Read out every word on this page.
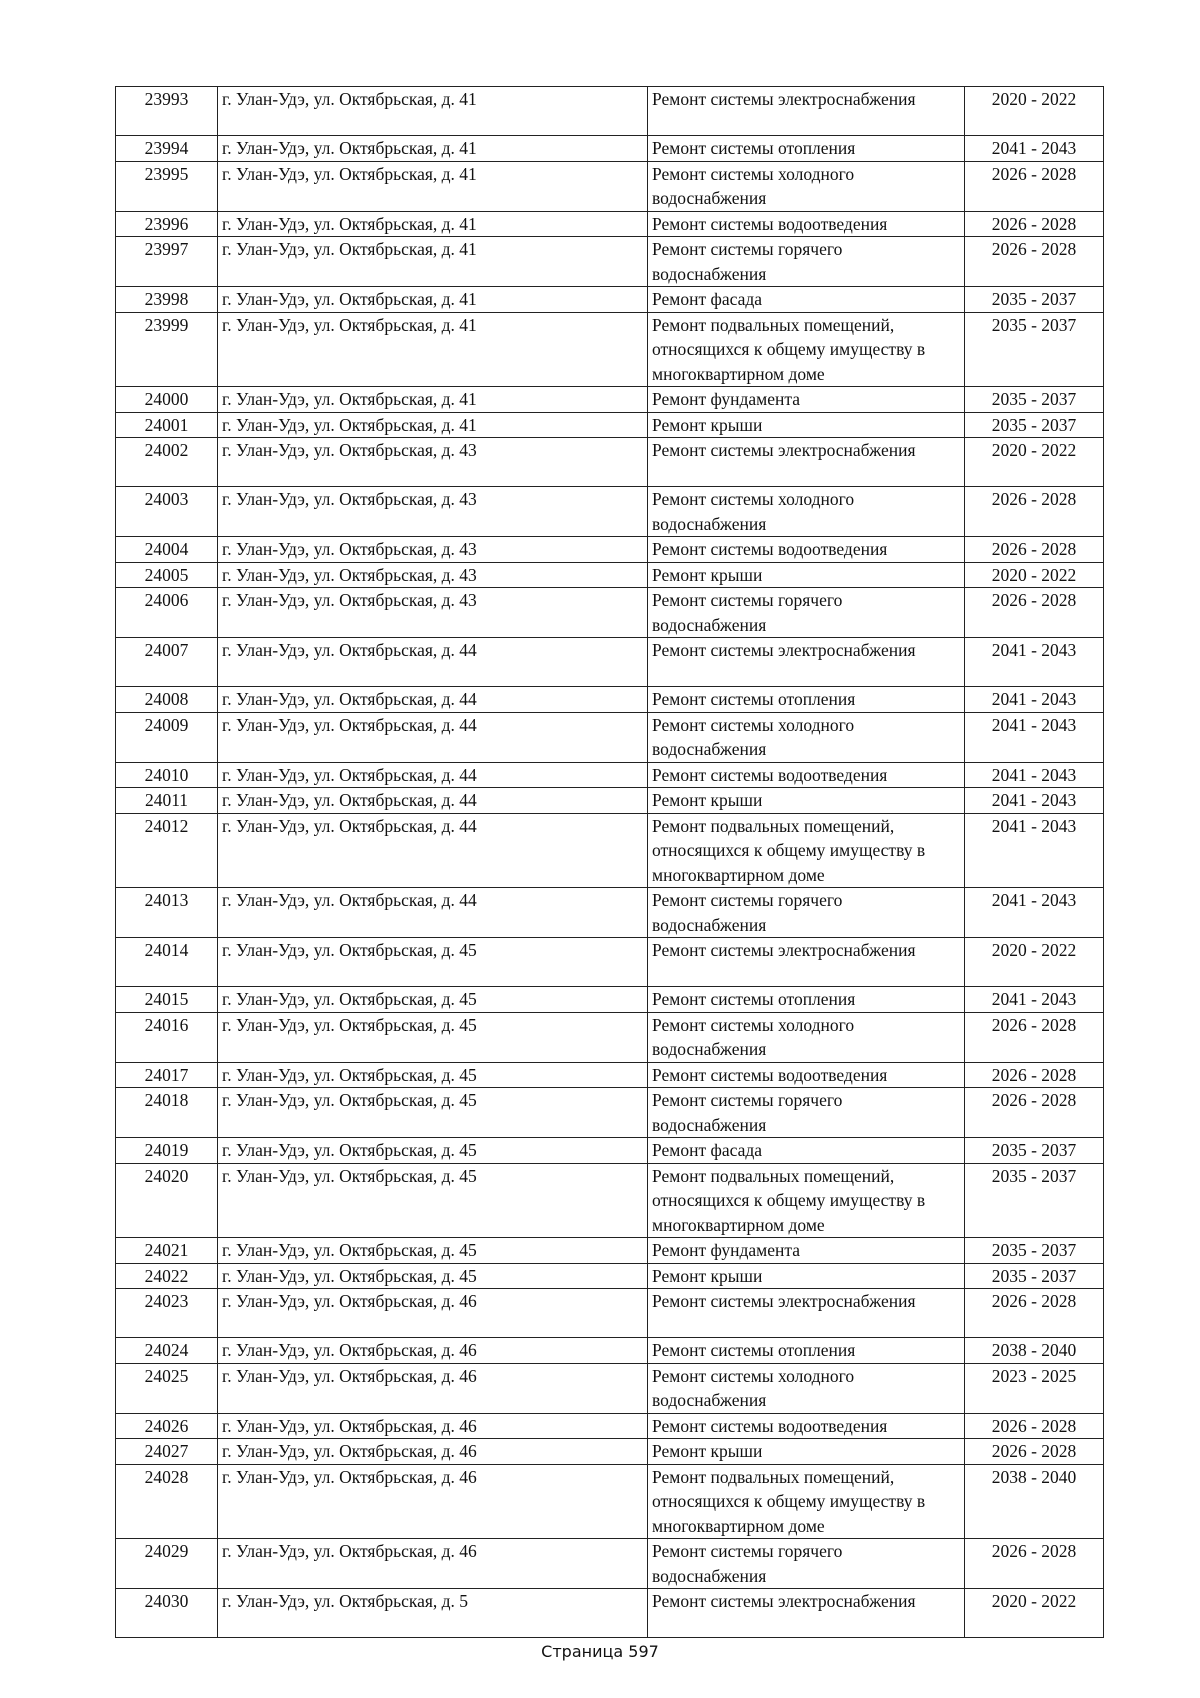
23993	г. Улан-Удэ, ул. Октябрьская, д. 41	Ремонт системы электроснабжения	2020 - 2022
23994	г. Улан-Удэ, ул. Октябрьская, д. 41	Ремонт системы отопления	2041 - 2043
23995	г. Улан-Удэ, ул. Октябрьская, д. 41	Ремонт системы холодного водоснабжения	2026 - 2028
23996	г. Улан-Удэ, ул. Октябрьская, д. 41	Ремонт системы водоотведения	2026 - 2028
23997	г. Улан-Удэ, ул. Октябрьская, д. 41	Ремонт системы горячего водоснабжения	2026 - 2028
23998	г. Улан-Удэ, ул. Октябрьская, д. 41	Ремонт фасада	2035 - 2037
23999	г. Улан-Удэ, ул. Октябрьская, д. 41	Ремонт подвальных помещений, относящихся к общему имуществу в многоквартирном доме	2035 - 2037
24000	г. Улан-Удэ, ул. Октябрьская, д. 41	Ремонт фундамента	2035 - 2037
24001	г. Улан-Удэ, ул. Октябрьская, д. 41	Ремонт крыши	2035 - 2037
24002	г. Улан-Удэ, ул. Октябрьская, д. 43	Ремонт системы электроснабжения	2020 - 2022
24003	г. Улан-Удэ, ул. Октябрьская, д. 43	Ремонт системы холодного водоснабжения	2026 - 2028
24004	г. Улан-Удэ, ул. Октябрьская, д. 43	Ремонт системы водоотведения	2026 - 2028
24005	г. Улан-Удэ, ул. Октябрьская, д. 43	Ремонт крыши	2020 - 2022
24006	г. Улан-Удэ, ул. Октябрьская, д. 43	Ремонт системы горячего водоснабжения	2026 - 2028
24007	г. Улан-Удэ, ул. Октябрьская, д. 44	Ремонт системы электроснабжения	2041 - 2043
24008	г. Улан-Удэ, ул. Октябрьская, д. 44	Ремонт системы отопления	2041 - 2043
24009	г. Улан-Удэ, ул. Октябрьская, д. 44	Ремонт системы холодного водоснабжения	2041 - 2043
24010	г. Улан-Удэ, ул. Октябрьская, д. 44	Ремонт системы водоотведения	2041 - 2043
24011	г. Улан-Удэ, ул. Октябрьская, д. 44	Ремонт крыши	2041 - 2043
24012	г. Улан-Удэ, ул. Октябрьская, д. 44	Ремонт подвальных помещений, относящихся к общему имуществу в многоквартирном доме	2041 - 2043
24013	г. Улан-Удэ, ул. Октябрьская, д. 44	Ремонт системы горячего водоснабжения	2041 - 2043
24014	г. Улан-Удэ, ул. Октябрьская, д. 45	Ремонт системы электроснабжения	2020 - 2022
24015	г. Улан-Удэ, ул. Октябрьская, д. 45	Ремонт системы отопления	2041 - 2043
24016	г. Улан-Удэ, ул. Октябрьская, д. 45	Ремонт системы холодного водоснабжения	2026 - 2028
24017	г. Улан-Удэ, ул. Октябрьская, д. 45	Ремонт системы водоотведения	2026 - 2028
24018	г. Улан-Удэ, ул. Октябрьская, д. 45	Ремонт системы горячего водоснабжения	2026 - 2028
24019	г. Улан-Удэ, ул. Октябрьская, д. 45	Ремонт фасада	2035 - 2037
24020	г. Улан-Удэ, ул. Октябрьская, д. 45	Ремонт подвальных помещений, относящихся к общему имуществу в многоквартирном доме	2035 - 2037
24021	г. Улан-Удэ, ул. Октябрьская, д. 45	Ремонт фундамента	2035 - 2037
24022	г. Улан-Удэ, ул. Октябрьская, д. 45	Ремонт крыши	2035 - 2037
24023	г. Улан-Удэ, ул. Октябрьская, д. 46	Ремонт системы электроснабжения	2026 - 2028
24024	г. Улан-Удэ, ул. Октябрьская, д. 46	Ремонт системы отопления	2038 - 2040
24025	г. Улан-Удэ, ул. Октябрьская, д. 46	Ремонт системы холодного водоснабжения	2023 - 2025
24026	г. Улан-Удэ, ул. Октябрьская, д. 46	Ремонт системы водоотведения	2026 - 2028
24027	г. Улан-Удэ, ул. Октябрьская, д. 46	Ремонт крыши	2026 - 2028
24028	г. Улан-Удэ, ул. Октябрьская, д. 46	Ремонт подвальных помещений, относящихся к общему имуществу в многоквартирном доме	2038 - 2040
24029	г. Улан-Удэ, ул. Октябрьская, д. 46	Ремонт системы горячего водоснабжения	2026 - 2028
24030	г. Улан-Удэ, ул. Октябрьская, д. 5	Ремонт системы электроснабжения	2020 - 2022
Страница 597
